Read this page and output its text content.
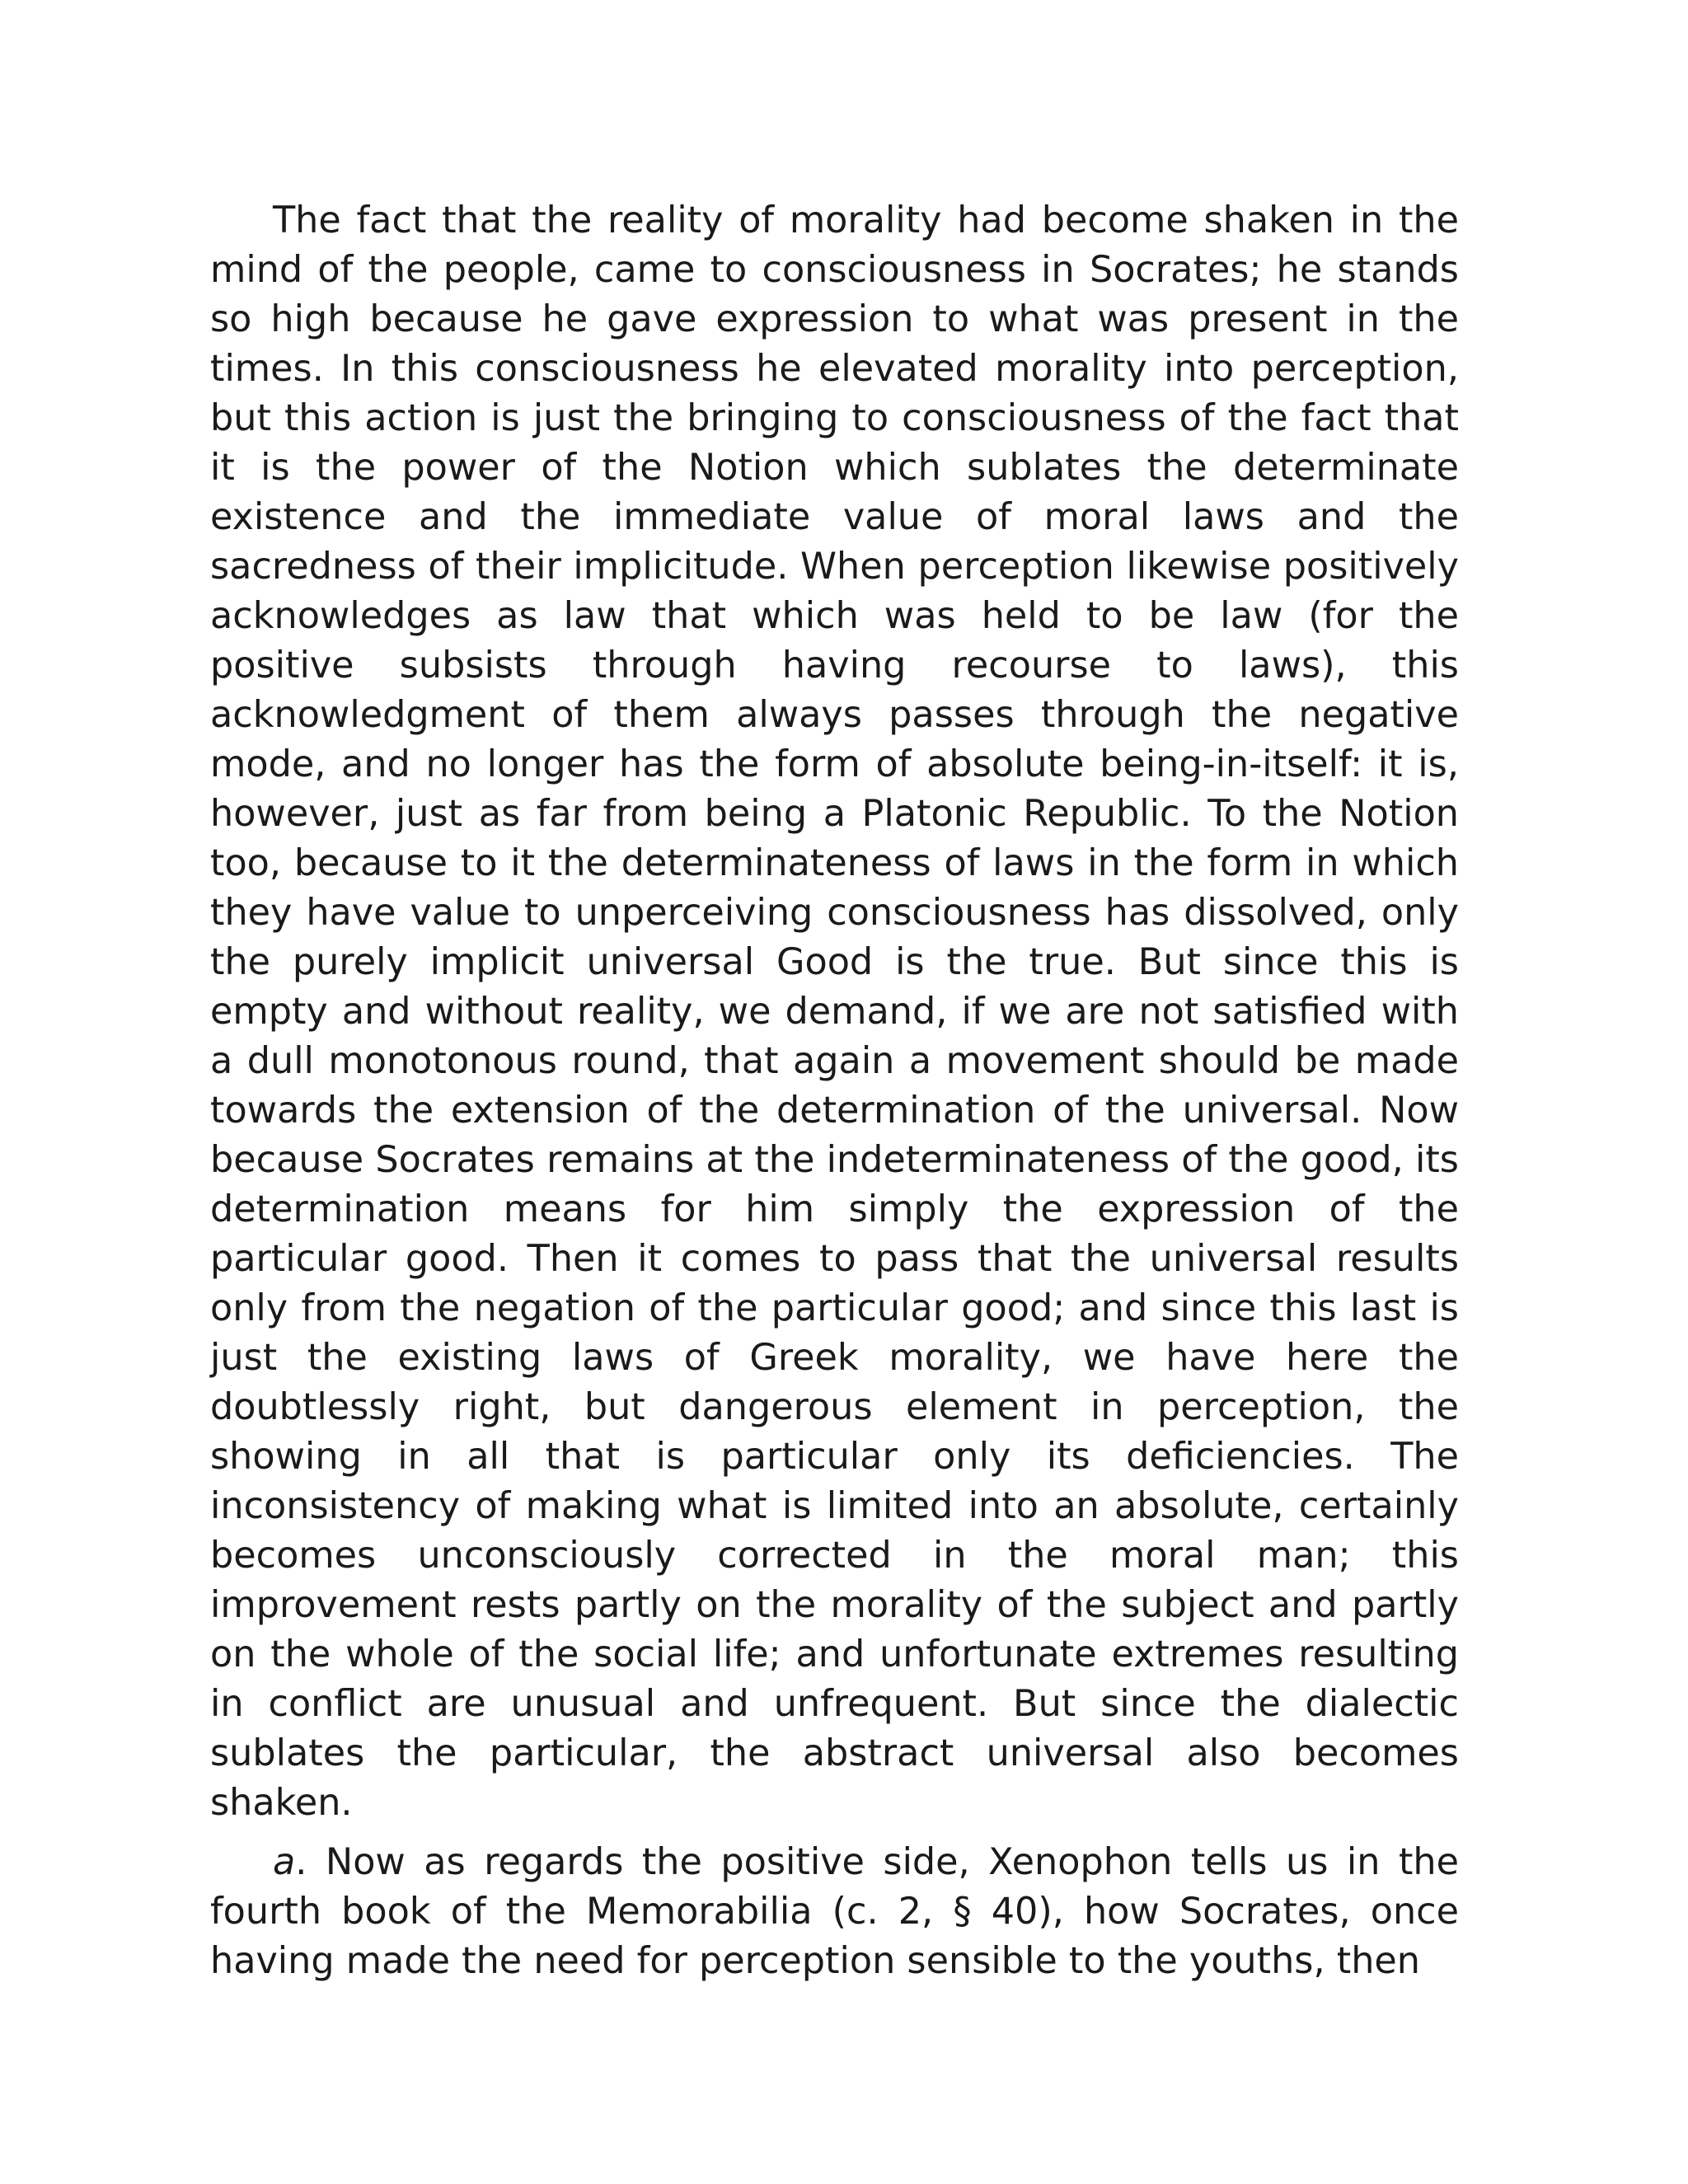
The fact that the reality of morality had become shaken in the mind of the people, came to consciousness in Socrates; he stands so high because he gave expression to what was present in the times. In this consciousness he elevated morality into perception, but this action is just the bringing to consciousness of the fact that it is the power of the Notion which sublates the determinate existence and the immediate value of moral laws and the sacredness of their implicitude. When perception likewise positively acknowledges as law that which was held to be law (for the positive subsists through having recourse to laws), this acknowledgment of them always passes through the negative mode, and no longer has the form of absolute being-in-itself: it is, however, just as far from being a Platonic Republic. To the Notion too, because to it the determinateness of laws in the form in which they have value to unperceiving consciousness has dissolved, only the purely implicit universal Good is the true. But since this is empty and without reality, we demand, if we are not satisfied with a dull monotonous round, that again a movement should be made towards the extension of the determination of the universal. Now because Socrates remains at the indeterminateness of the good, its determination means for him simply the expression of the particular good. Then it comes to pass that the universal results only from the negation of the particular good; and since this last is just the existing laws of Greek morality, we have here the doubtlessly right, but dangerous element in perception, the showing in all that is particular only its deficiencies. The inconsistency of making what is limited into an absolute, certainly becomes unconsciously corrected in the moral man; this improvement rests partly on the morality of the subject and partly on the whole of the social life; and unfortunate extremes resulting in conflict are unusual and unfrequent. But since the dialectic sublates the particular, the abstract universal also becomes shaken.

a. Now as regards the positive side, Xenophon tells us in the fourth book of the Memorabilia (c. 2, § 40), how Socrates, once having made the need for perception sensible to the youths, then
